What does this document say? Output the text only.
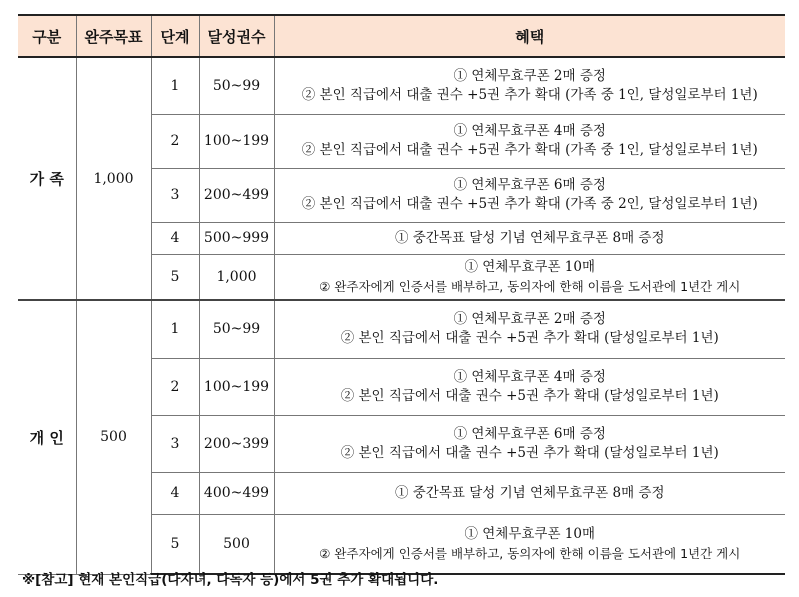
구분	완주목표	단계	달성권수	혜택
가 족	1,000	1	50~99	① 연체무효쿠폰 2매 증정
② 본인 직급에서 대출 권수 +5권 추가 확대 (가족 중 1인, 달성일로부터 1년)

		2	100~199	① 연체무효쿠폰 4매 증정
② 본인 직급에서 대출 권수 +5권 추가 확대 (가족 중 1인, 달성일로부터 1년)

		3	200~499	① 연체무효쿠폰 6매 증정
② 본인 직급에서 대출 권수 +5권 추가 확대 (가족 중 2인, 달성일로부터 1년)

		4	500~999	① 중간목표 달성 기념 연체무효쿠폰 8매 증정

		5	1,000	① 연체무효쿠폰 10매
② 완주자에게 인증서를 배부하고, 동의자에 한해 이름을 도서관에 1년간 게시

개 인	500	1	50~99	① 연체무효쿠폰 2매 증정
② 본인 직급에서 대출 권수 +5권 추가 확대 (달성일로부터 1년)

		2	100~199	① 연체무효쿠폰 4매 증정
② 본인 직급에서 대출 권수 +5권 추가 확대 (달성일로부터 1년)

		3	200~399	① 연체무효쿠폰 6매 증정
② 본인 직급에서 대출 권수 +5권 추가 확대 (달성일로부터 1년)

		4	400~499	① 중간목표 달성 기념 연체무효쿠폰 8매 증정

		5	500	① 연체무효쿠폰 10매
② 완주자에게 인증서를 배부하고, 동의자에 한해 이름을 도서관에 1년간 게시
※[참고] 현재 본인직급(다자녀, 다독자 등)에서 5권 추가 확대됩니다.
